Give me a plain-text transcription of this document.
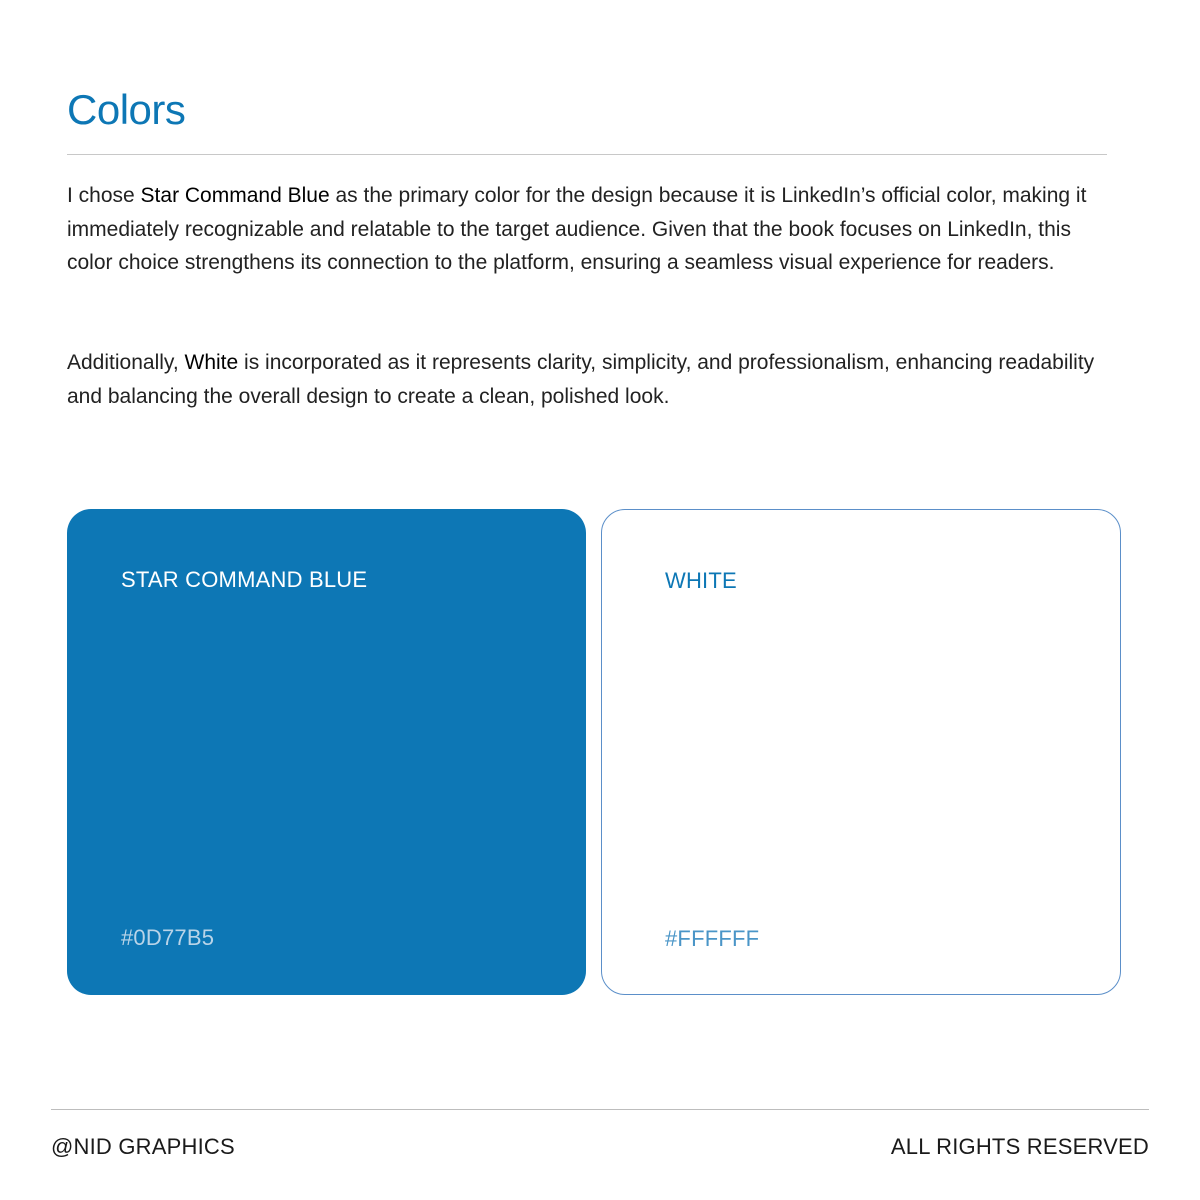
Colors

I chose Star Command Blue as the primary color for the design because it is LinkedIn’s official color, making it immediately recognizable and relatable to the target audience. Given that the book focuses on LinkedIn, this color choice strengthens its connection to the platform, ensuring a seamless visual experience for readers.

Additionally, White is incorporated as it represents clarity, simplicity, and professionalism, enhancing readability and balancing the overall design to create a clean, polished look.

STAR COMMAND BLUE
#0D77B5
WHITE
#FFFFFF
@NID GRAPHICS	ALL RIGHTS RESERVED
